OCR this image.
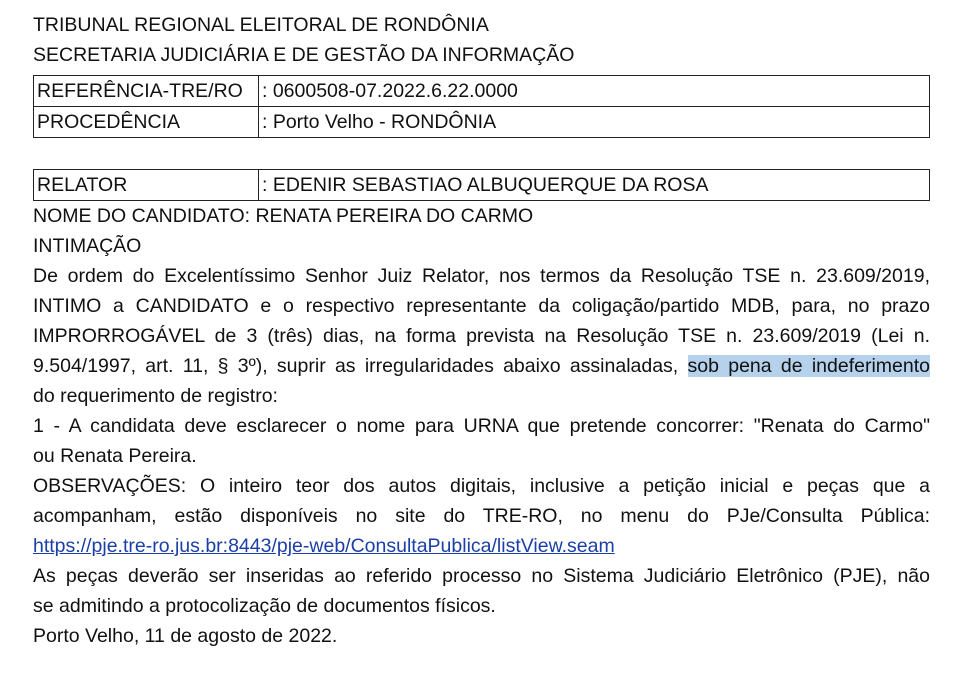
TRIBUNAL REGIONAL ELEITORAL DE RONDÔNIA
SECRETARIA JUDICIÁRIA E DE GESTÃO DA INFORMAÇÃO
REFERÊNCIA-TRE/RO	: 0600508-07.2022.6.22.0000
PROCEDÊNCIA	: Porto Velho - RONDÔNIA
RELATOR	: EDENIR SEBASTIAO ALBUQUERQUE DA ROSA
NOME DO CANDIDATO: RENATA PEREIRA DO CARMO
INTIMAÇÃO
De ordem do Excelentíssimo Senhor Juiz Relator, nos termos da Resolução TSE n. 23.609/2019,
INTIMO a CANDIDATO e o respectivo representante da coligação/partido MDB, para, no prazo
IMPRORROGÁVEL de 3 (três) dias, na forma prevista na Resolução TSE n. 23.609/2019 (Lei n.
9.504/1997, art. 11, § 3º), suprir as irregularidades abaixo assinaladas, sob pena de indeferimento
do requerimento de registro:
1 - A candidata deve esclarecer o nome para URNA que pretende concorrer: "Renata do Carmo"
ou Renata Pereira.
OBSERVAÇÕES: O inteiro teor dos autos digitais, inclusive a petição inicial e peças que a
acompanham, estão disponíveis no site do TRE-RO, no menu do PJe/Consulta Pública:
https://pje.tre-ro.jus.br:8443/pje-web/ConsultaPublica/listView.seam
As peças deverão ser inseridas ao referido processo no Sistema Judiciário Eletrônico (PJE), não
se admitindo a protocolização de documentos físicos.
Porto Velho, 11 de agosto de 2022.
